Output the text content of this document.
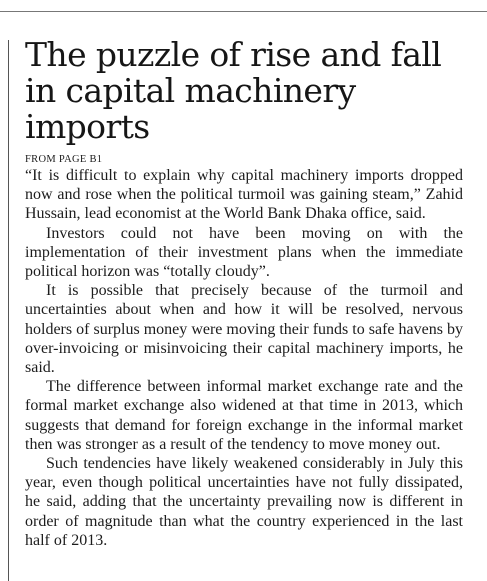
The puzzle of rise and fall in capital machinery imports
FROM PAGE B1

“It is difficult to explain why capital machinery imports dropped now and rose when the political turmoil was gaining steam,” Zahid Hussain, lead economist at the World Bank Dhaka office, said.

Investors could not have been moving on with the implementation of their investment plans when the immediate political horizon was “totally cloudy”.

It is possible that precisely because of the turmoil and uncertainties about when and how it will be resolved, nervous holders of surplus money were moving their funds to safe havens by over-invoicing or misinvoicing their capital machinery imports, he said.

The difference between informal market exchange rate and the formal market exchange also widened at that time in 2013, which suggests that demand for foreign exchange in the informal market then was stronger as a result of the tendency to move money out.

Such tendencies have likely weakened considerably in July this year, even though political uncertainties have not fully dissipated, he said, adding that the uncertainty prevailing now is different in order of magnitude than what the country experienced in the last half of 2013.
